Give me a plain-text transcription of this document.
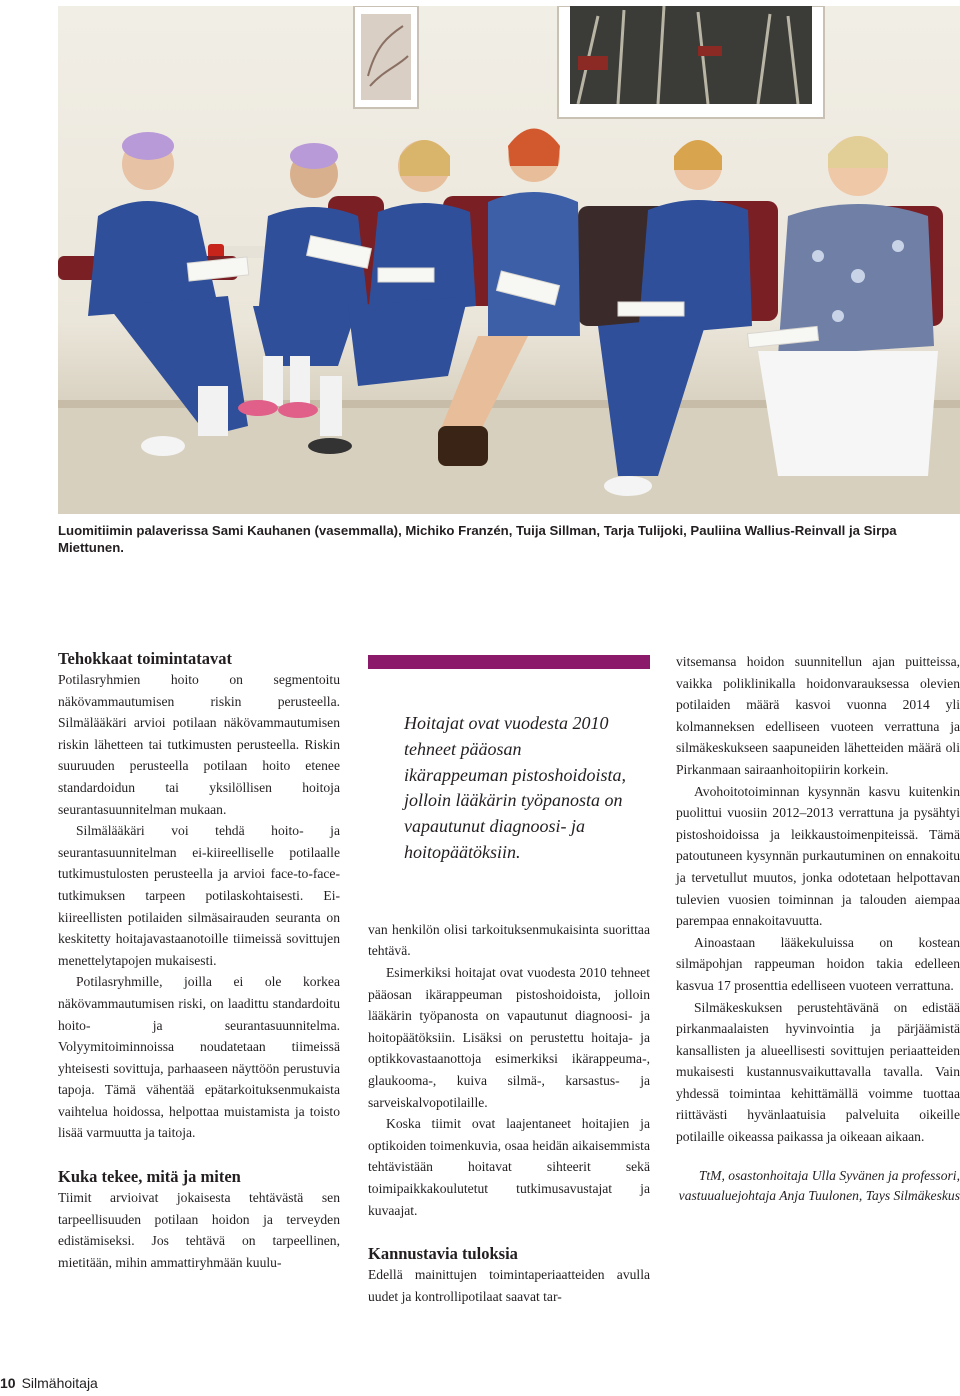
Luomitiimin palaverissa Sami Kauhanen (vasemmalla), Michiko Franzén, Tuija Sillman, Tarja Tulijoki, Pauliina Wallius-Reinvall ja Sirpa Miettunen.

Tehokkaat toimintatavat

Potilasryhmien hoito on segmentoitu näkövammautumisen riskin perusteella. Silmälääkäri arvioi potilaan näkövammautumisen riskin lähetteen tai tutkimusten perusteella. Riskin suuruuden perusteella potilaan hoito etenee standardoidun tai yksilöllisen hoitoja seurantasuunnitelman mukaan.

Silmälääkäri voi tehdä hoito- ja seurantasuunnitelman ei-kiireelliselle potilaalle tutkimustulosten perusteella ja arvioi face-to-face-tutkimuksen tarpeen potilaskohtaisesti. Ei-kiireellisten potilaiden silmäsairauden seuranta on keskitetty hoitajavastaanotoille tiimeissä sovittujen menettelytapojen mukaisesti.

Potilasryhmille, joilla ei ole korkea näkövammautumisen riski, on laadittu standardoitu hoito- ja seurantasuunnitelma. Volyymitoiminnoissa noudatetaan tiimeissä yhteisesti sovittuja, parhaaseen näyttöön perustuvia tapoja. Tämä vähentää epätarkoituksenmukaista vaihtelua hoidossa, helpottaa muistamista ja toisto lisää varmuutta ja taitoja.

Kuka tekee, mitä ja miten

Tiimit arvioivat jokaisesta tehtävästä sen tarpeellisuuden potilaan hoidon ja terveyden edistämiseksi. Jos tehtävä on tarpeellinen, mietitään, mihin ammattiryhmään kuulu-

Hoitajat ovat vuodesta 2010 tehneet pääosan ikärappeuman pistoshoidoista, jolloin lääkärin työpanosta on vapautunut diagnoosi- ja hoitopäätöksiin.

van henkilön olisi tarkoituksenmukaisinta suorittaa tehtävä.

Esimerkiksi hoitajat ovat vuodesta 2010 tehneet pääosan ikärappeuman pistoshoidoista, jolloin lääkärin työpanosta on vapautunut diagnoosi- ja hoitopäätöksiin. Lisäksi on perustettu hoitaja- ja optikkovastaanottoja esimerkiksi ikärappeuma-, glaukooma-, kuiva silmä-, karsastus- ja sarveiskalvopotilaille.

Koska tiimit ovat laajentaneet hoitajien ja optikoiden toimenkuvia, osaa heidän aikaisemmista tehtävistään hoitavat sihteerit sekä toimipaikkakoulutetut tutkimusavustajat ja kuvaajat.

Kannustavia tuloksia

Edellä mainittujen toimintaperiaatteiden avulla uudet ja kontrollipotilaat saavat tar-

vitsemansa hoidon suunnitellun ajan puitteissa, vaikka poliklinikalla hoidonvarauksessa olevien potilaiden määrä kasvoi vuonna 2014 yli kolmanneksen edelliseen vuoteen verrattuna ja silmäkeskukseen saapuneiden lähetteiden määrä oli Pirkanmaan sairaanhoitopiirin korkein.

Avohoitotoiminnan kysynnän kasvu kuitenkin puolittui vuosiin 2012–2013 verrattuna ja pysähtyi pistoshoidoissa ja leikkaustoimenpiteissä. Tämä patoutuneen kysynnän purkautuminen on ennakoitu ja tervetullut muutos, jonka odotetaan helpottavan tulevien vuosien toiminnan ja talouden aiempaa parempaa ennakoitavuutta.

Ainoastaan lääkekuluissa on kostean silmäpohjan rappeuman hoidon takia edelleen kasvua 17 prosenttia edelliseen vuoteen verrattuna.

Silmäkeskuksen perustehtävänä on edistää pirkanmaalaisten hyvinvointia ja pärjäämistä kansallisten ja alueellisesti sovittujen periaatteiden mukaisesti kustannusvaikuttavalla tavalla. Vain yhdessä toimintaa kehittämällä voimme tuottaa riittävästi hyvänlaatuisia palveluita oikeille potilaille oikeassa paikassa ja oikeaan aikaan.

TtM, osastonhoitaja Ulla Syvänen ja professori, vastuualuejohtaja Anja Tuulonen, Tays Silmäkeskus

10 Silmähoitaja
